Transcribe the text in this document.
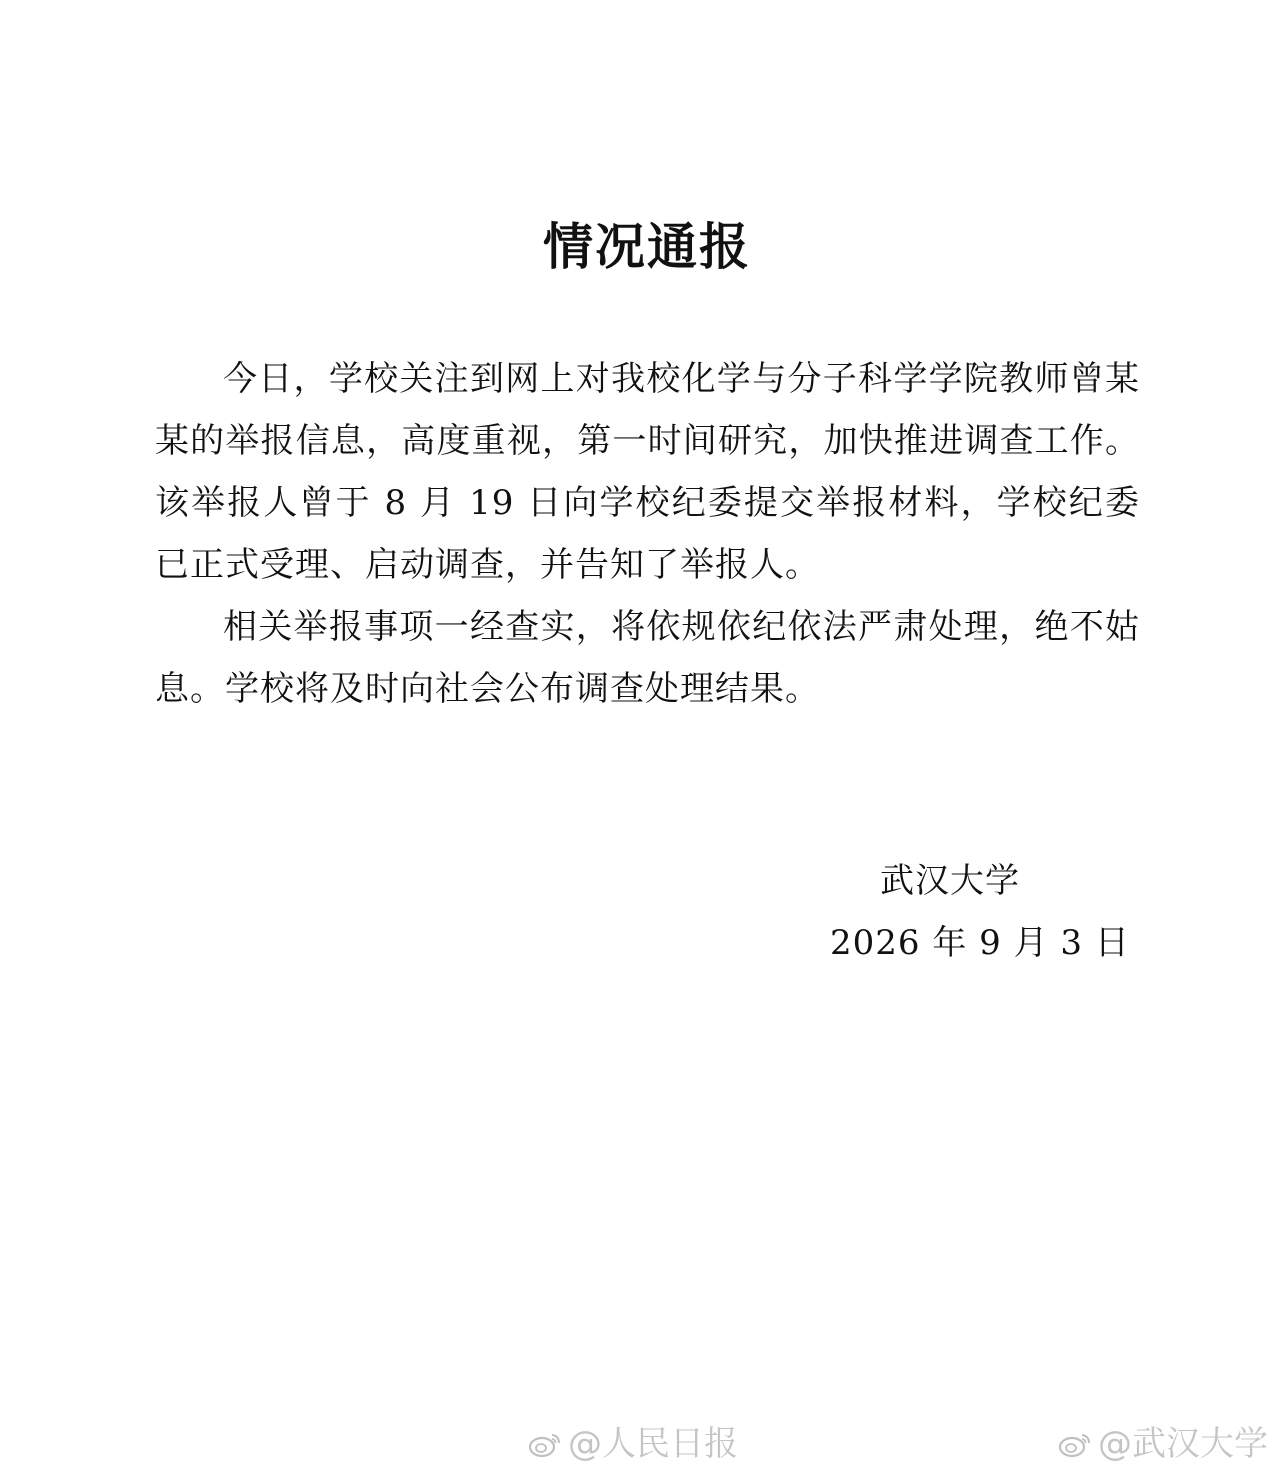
情况通报

今日，学校关注到网上对我校化学与分子科学学院教师曾某某的举报信息，高度重视，第一时间研究，加快推进调查工作。该举报人曾于 8 月 19 日向学校纪委提交举报材料，学校纪委已正式受理、启动调查，并告知了举报人。

相关举报事项一经查实，将依规依纪依法严肃处理，绝不姑息。学校将及时向社会公布调查处理结果。

武汉大学
2026 年 9 月 3 日
@人民日报	@武汉大学
